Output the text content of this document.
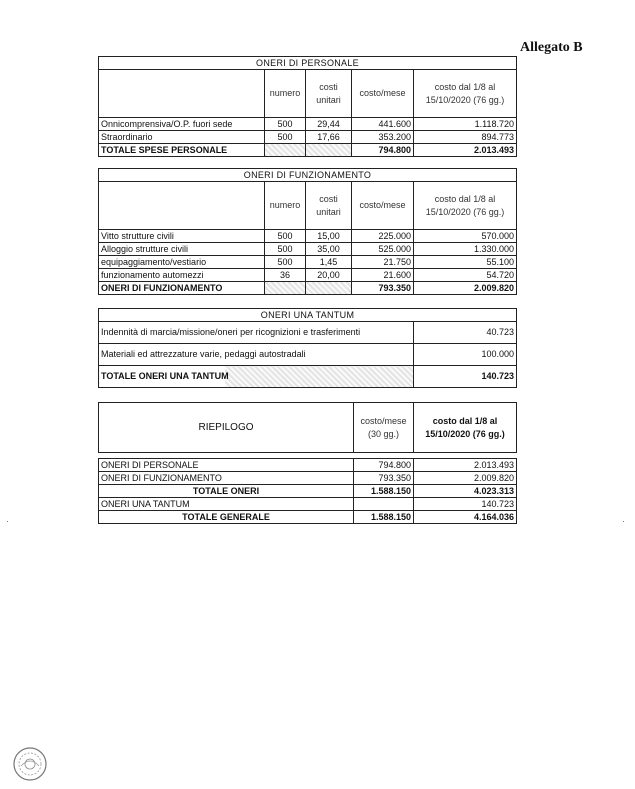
Allegato B
ONERI DI PERSONALE				
	numero	costi unitari	costo/mese	costo dal 1/8 al 15/10/2020 (76 gg.)
Onnicomprensiva/O.P. fuori sede	500	29,44	441.600	1.118.720
Straordinario	500	17,66	353.200	894.773
TOTALE SPESE PERSONALE			794.800	2.013.493
ONERI DI FUNZIONAMENTO				
	numero	costi unitari	costo/mese	costo dal 1/8 al 15/10/2020 (76 gg.)
Vitto strutture civili	500	15,00	225.000	570.000
Alloggio strutture civili	500	35,00	525.000	1.330.000
equipaggiamento/vestiario	500	1,45	21.750	55.100
funzionamento automezzi	36	20,00	21.600	54.720
ONERI DI FUNZIONAMENTO			793.350	2.009.820
ONERI UNA TANTUM	
Indennità di marcia/missione/oneri per ricognizioni e trasferimenti	40.723
Materiali ed attrezzature varie, pedaggi autostradali	100.000
TOTALE ONERI UNA TANTUM	140.723
RIEPILOGO	costo/mese (30 gg.)	costo dal 1/8 al 15/10/2020 (76 gg.)

ONERI DI PERSONALE	794.800	2.013.493
ONERI DI FUNZIONAMENTO	793.350	2.009.820
TOTALE ONERI	1.588.150	4.023.313
ONERI UNA TANTUM		140.723
TOTALE GENERALE	1.588.150	4.164.036
·	·
